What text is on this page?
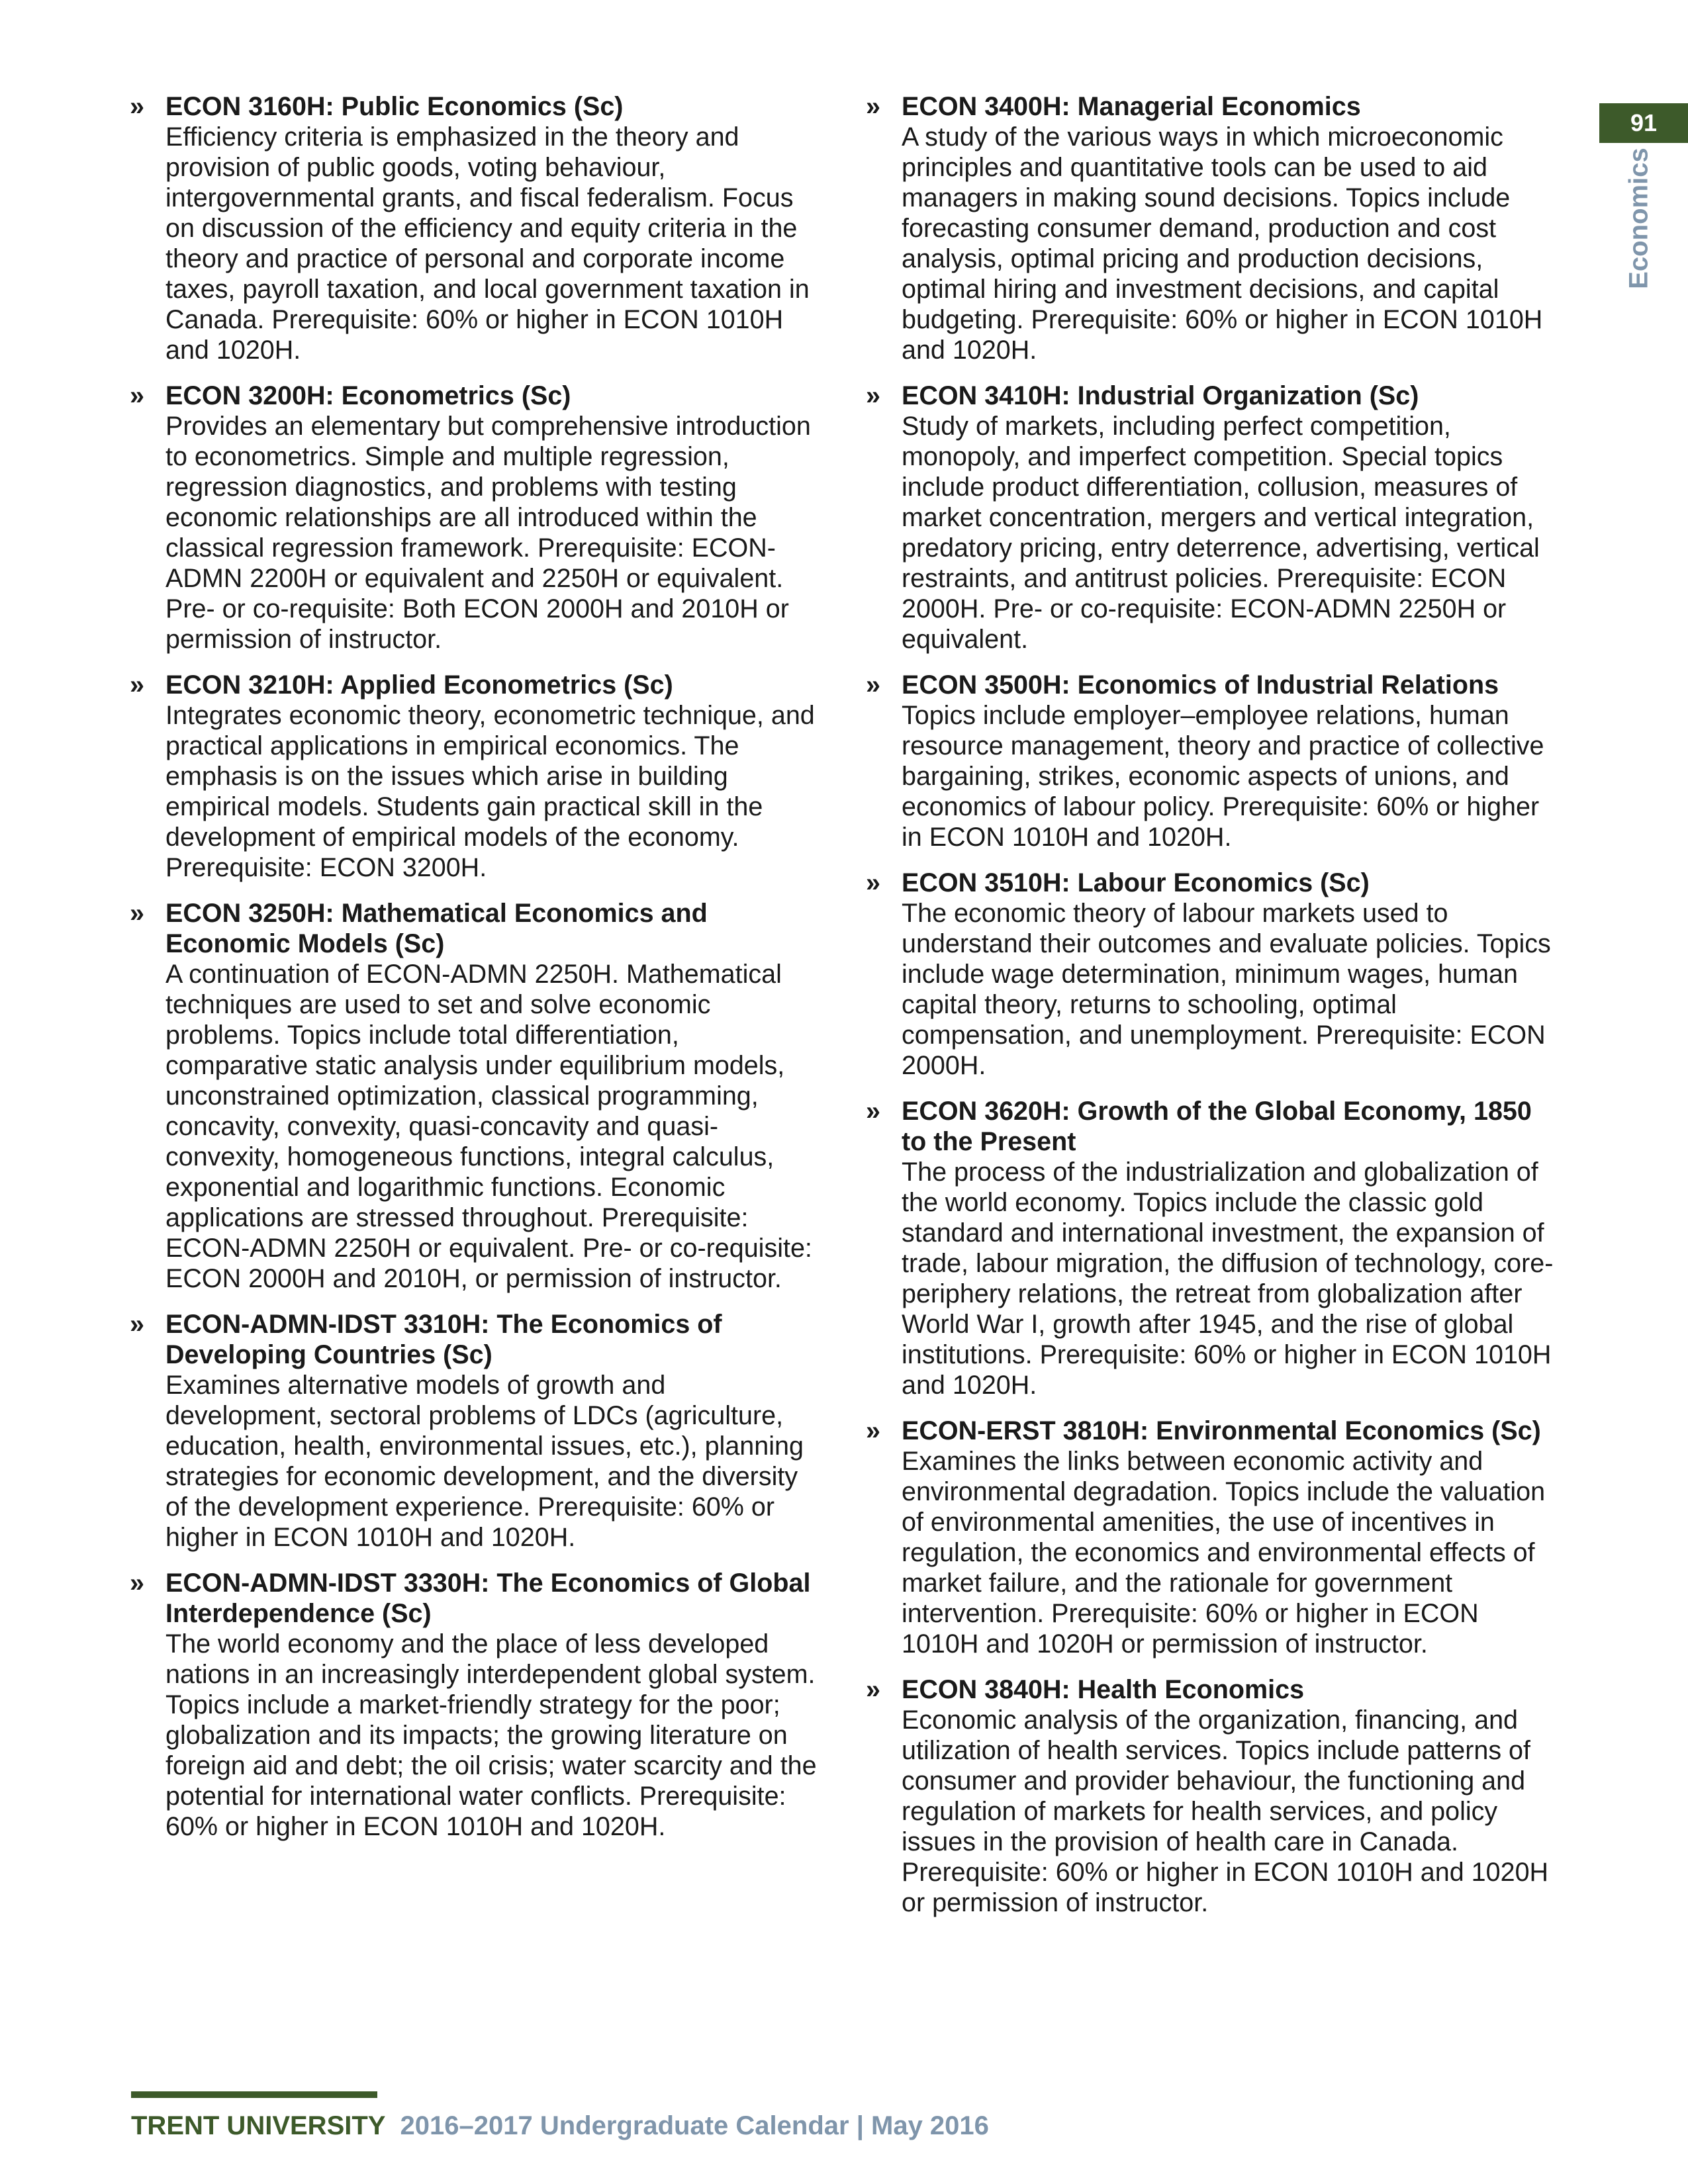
91
Economics
» ECON 3160H: Public Economics (Sc)
Efficiency criteria is emphasized in the theory and provision of public goods, voting behaviour, intergovernmental grants, and fiscal federalism. Focus on discussion of the efficiency and equity criteria in the theory and practice of personal and corporate income taxes, payroll taxation, and local government taxation in Canada. Prerequisite: 60% or higher in ECON 1010H and 1020H.
» ECON 3200H: Econometrics (Sc)
Provides an elementary but comprehensive introduction to econometrics. Simple and multiple regression, regression diagnostics, and problems with testing economic relationships are all introduced within the classical regression framework. Prerequisite: ECON-ADMN 2200H or equivalent and 2250H or equivalent. Pre- or co-requisite: Both ECON 2000H and 2010H or permission of instructor.
» ECON 3210H: Applied Econometrics (Sc)
Integrates economic theory, econometric technique, and practical applications in empirical economics. The emphasis is on the issues which arise in building empirical models. Students gain practical skill in the development of empirical models of the economy. Prerequisite: ECON 3200H.
» ECON 3250H: Mathematical Economics and Economic Models (Sc)
A continuation of ECON-ADMN 2250H. Mathematical techniques are used to set and solve economic problems. Topics include total differentiation, comparative static analysis under equilibrium models, unconstrained optimization, classical programming, concavity, convexity, quasi-concavity and quasi-convexity, homogeneous functions, integral calculus, exponential and logarithmic functions. Economic applications are stressed throughout. Prerequisite: ECON-ADMN 2250H or equivalent. Pre- or co-requisite: ECON 2000H and 2010H, or permission of instructor.
» ECON-ADMN-IDST 3310H: The Economics of Developing Countries (Sc)
Examines alternative models of growth and development, sectoral problems of LDCs (agriculture, education, health, environmental issues, etc.), planning strategies for economic development, and the diversity of the development experience. Prerequisite: 60% or higher in ECON 1010H and 1020H.
» ECON-ADMN-IDST 3330H: The Economics of Global Interdependence (Sc)
The world economy and the place of less developed nations in an increasingly interdependent global system. Topics include a market-friendly strategy for the poor; globalization and its impacts; the growing literature on foreign aid and debt; the oil crisis; water scarcity and the potential for international water conflicts. Prerequisite: 60% or higher in ECON 1010H and 1020H.
» ECON 3400H: Managerial Economics
A study of the various ways in which microeconomic principles and quantitative tools can be used to aid managers in making sound decisions. Topics include forecasting consumer demand, production and cost analysis, optimal pricing and production decisions, optimal hiring and investment decisions, and capital budgeting. Prerequisite: 60% or higher in ECON 1010H and 1020H.
» ECON 3410H: Industrial Organization (Sc)
Study of markets, including perfect competition, monopoly, and imperfect competition. Special topics include product differentiation, collusion, measures of market concentration, mergers and vertical integration, predatory pricing, entry deterrence, advertising, vertical restraints, and antitrust policies. Prerequisite: ECON 2000H. Pre- or co-requisite: ECON-ADMN 2250H or equivalent.
» ECON 3500H: Economics of Industrial Relations
Topics include employer–employee relations, human resource management, theory and practice of collective bargaining, strikes, economic aspects of unions, and economics of labour policy. Prerequisite: 60% or higher in ECON 1010H and 1020H.
» ECON 3510H: Labour Economics (Sc)
The economic theory of labour markets used to understand their outcomes and evaluate policies. Topics include wage determination, minimum wages, human capital theory, returns to schooling, optimal compensation, and unemployment. Prerequisite: ECON 2000H.
» ECON 3620H: Growth of the Global Economy, 1850 to the Present
The process of the industrialization and globalization of the world economy. Topics include the classic gold standard and international investment, the expansion of trade, labour migration, the diffusion of technology, core-periphery relations, the retreat from globalization after World War I, growth after 1945, and the rise of global institutions. Prerequisite: 60% or higher in ECON 1010H and 1020H.
» ECON-ERST 3810H: Environmental Economics (Sc)
Examines the links between economic activity and environmental degradation. Topics include the valuation of environmental amenities, the use of incentives in regulation, the economics and environmental effects of market failure, and the rationale for government intervention. Prerequisite: 60% or higher in ECON 1010H and 1020H or permission of instructor.
» ECON 3840H: Health Economics
Economic analysis of the organization, financing, and utilization of health services. Topics include patterns of consumer and provider behaviour, the functioning and regulation of markets for health services, and policy issues in the provision of health care in Canada. Prerequisite: 60% or higher in ECON 1010H and 1020H or permission of instructor.
TRENT UNIVERSITY 2016–2017 Undergraduate Calendar | May 2016
